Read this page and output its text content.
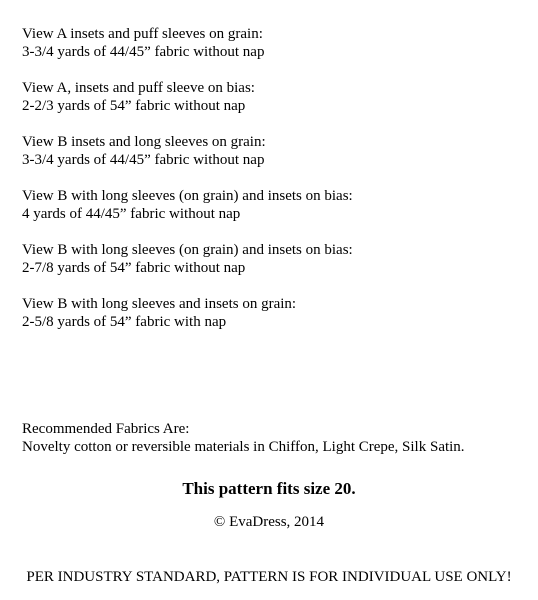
View A insets and puff sleeves on grain:
3-3/4 yards of 44/45” fabric without nap
View A, insets and puff sleeve on bias:
2-2/3 yards of 54” fabric without nap
View B insets and long sleeves on grain:
3-3/4 yards of 44/45” fabric without nap
View B with long sleeves (on grain) and insets on bias:
4 yards of 44/45” fabric without nap
View B with long sleeves (on grain) and insets on bias:
2-7/8 yards of 54” fabric without nap
View B with long sleeves and insets on grain:
2-5/8 yards of 54” fabric with nap
Recommended Fabrics Are:
Novelty cotton or reversible materials in Chiffon, Light Crepe, Silk Satin.
This pattern fits size 20.
© EvaDress, 2014
PER INDUSTRY STANDARD, PATTERN IS FOR INDIVIDUAL USE ONLY!
